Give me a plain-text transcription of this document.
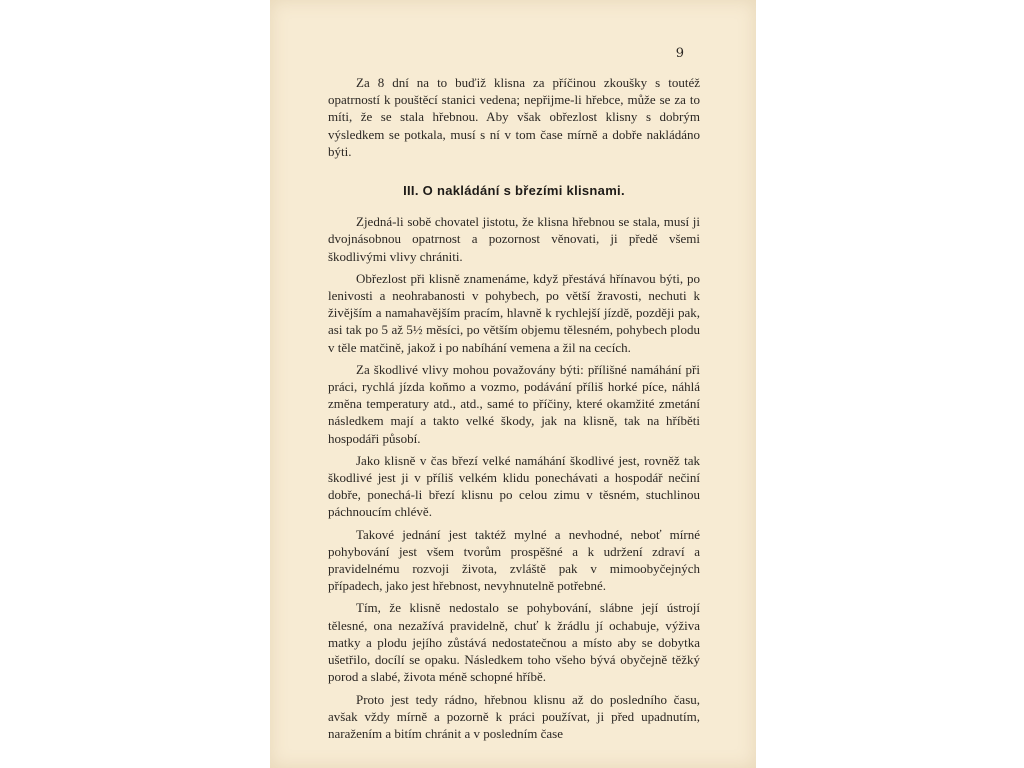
9

Za 8 dní na to buďiž klisna za příčinou zkoušky s toutéž opatrností k pouštěcí stanici vedena; nepřijme-li hřebce, může se za to míti, že se stala hřebnou. Aby však obřezlost klisny s dobrým výsledkem se potkala, musí s ní v tom čase mírně a dobře nakládáno býti.

III. O nakládání s březími klisnami.

Zjedná-li sobě chovatel jistotu, že klisna hřebnou se stala, musí ji dvojnásobnou opatrnost a pozornost věnovati, ji předě všemi škodlivými vlivy chrániti.

Obřezlost při klisně znamenáme, když přestává hřínavou býti, po lenivosti a neohrabanosti v pohybech, po větší žravosti, nechuti k živějším a namahavějším pracím, hlavně k rychlejší jízdě, později pak, asi tak po 5 až 5½ měsíci, po větším objemu tělesném, pohybech plodu v těle matčině, jakož i po nabíhání vemena a žil na cecích.

Za škodlivé vlivy mohou považovány býti: přílišné namáhání při práci, rychlá jízda koňmo a vozmo, podávání příliš horké píce, náhlá změna temperatury atd., atd., samé to příčiny, které okamžité zmetání následkem mají a takto velké škody, jak na klisně, tak na hříběti hospodáři působí.

Jako klisně v čas březí velké namáhání škodlivé jest, rovněž tak škodlivé jest ji v příliš velkém klidu ponechávati a hospodář nečiní dobře, ponechá-li březí klisnu po celou zimu v těsném, stuchlinou páchnoucím chlévě.

Takové jednání jest taktéž mylné a nevhodné, neboť mírné pohybování jest všem tvorům prospěšné a k udržení zdraví a pravidelnému rozvoji života, zvláště pak v mimoobyčejných případech, jako jest hřebnost, nevyhnutelně potřebné.

Tím, že klisně nedostalo se pohybování, slábne její ústrojí tělesné, ona nezažívá pravidelně, chuť k žrádlu jí ochabuje, výživa matky a plodu jejího zůstává nedostatečnou a místo aby se dobytka ušetřilo, docílí se opaku. Následkem toho všeho bývá obyčejně těžký porod a slabé, života méně schopné hříbě.

Proto jest tedy rádno, hřebnou klisnu až do posledního času, avšak vždy mírně a pozorně k práci používat, ji před upadnutím, naražením a bitím chránit a v posledním čase
